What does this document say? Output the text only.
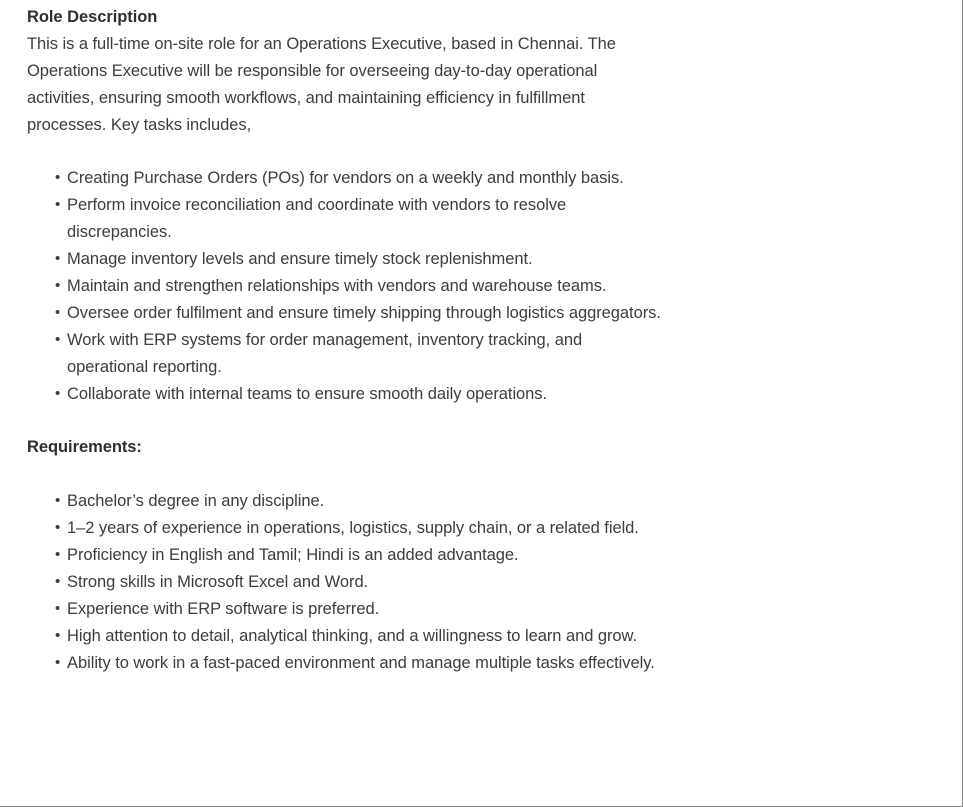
Role Description

This is a full-time on-site role for an Operations Executive, based in Chennai. The Operations Executive will be responsible for overseeing day-to-day operational activities, ensuring smooth workflows, and maintaining efficiency in fulfillment processes. Key tasks includes,

• Creating Purchase Orders (POs) for vendors on a weekly and monthly basis.
• Perform invoice reconciliation and coordinate with vendors to resolve discrepancies.
• Manage inventory levels and ensure timely stock replenishment.
• Maintain and strengthen relationships with vendors and warehouse teams.
• Oversee order fulfilment and ensure timely shipping through logistics aggregators.
• Work with ERP systems for order management, inventory tracking, and operational reporting.
• Collaborate with internal teams to ensure smooth daily operations.
Requirements:
• Bachelor’s degree in any discipline.
• 1–2 years of experience in operations, logistics, supply chain, or a related field.
• Proficiency in English and Tamil; Hindi is an added advantage.
• Strong skills in Microsoft Excel and Word.
• Experience with ERP software is preferred.
• High attention to detail, analytical thinking, and a willingness to learn and grow.
• Ability to work in a fast-paced environment and manage multiple tasks effectively.
INDIA
